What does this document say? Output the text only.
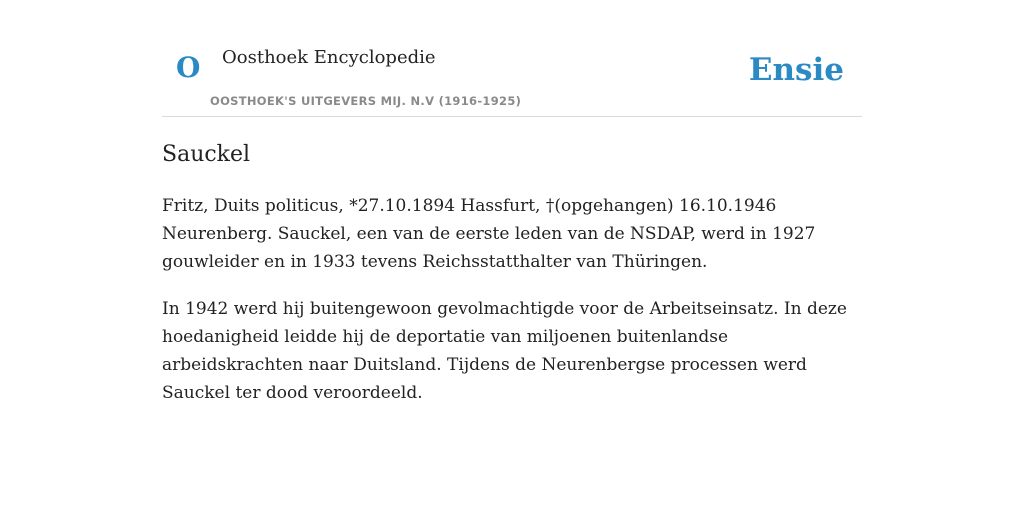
O Oosthoek Encyclopedie
OOSTHOEK'S UITGEVERS MIJ. N.V (1916-1925)
Ensie
Sauckel

Fritz, Duits politicus, *27.10.1894 Hassfurt, †(opgehangen) 16.10.1946 Neurenberg. Sauckel, een van de eerste leden van de NSDAP, werd in 1927 gouwleider en in 1933 tevens Reichsstatthalter van Thüringen.

In 1942 werd hij buitengewoon gevolmachtigde voor de Arbeitseinsatz. In deze hoedanigheid leidde hij de deportatie van miljoenen buitenlandse arbeidskrachten naar Duitsland. Tijdens de Neurenbergse processen werd Sauckel ter dood veroordeeld.
